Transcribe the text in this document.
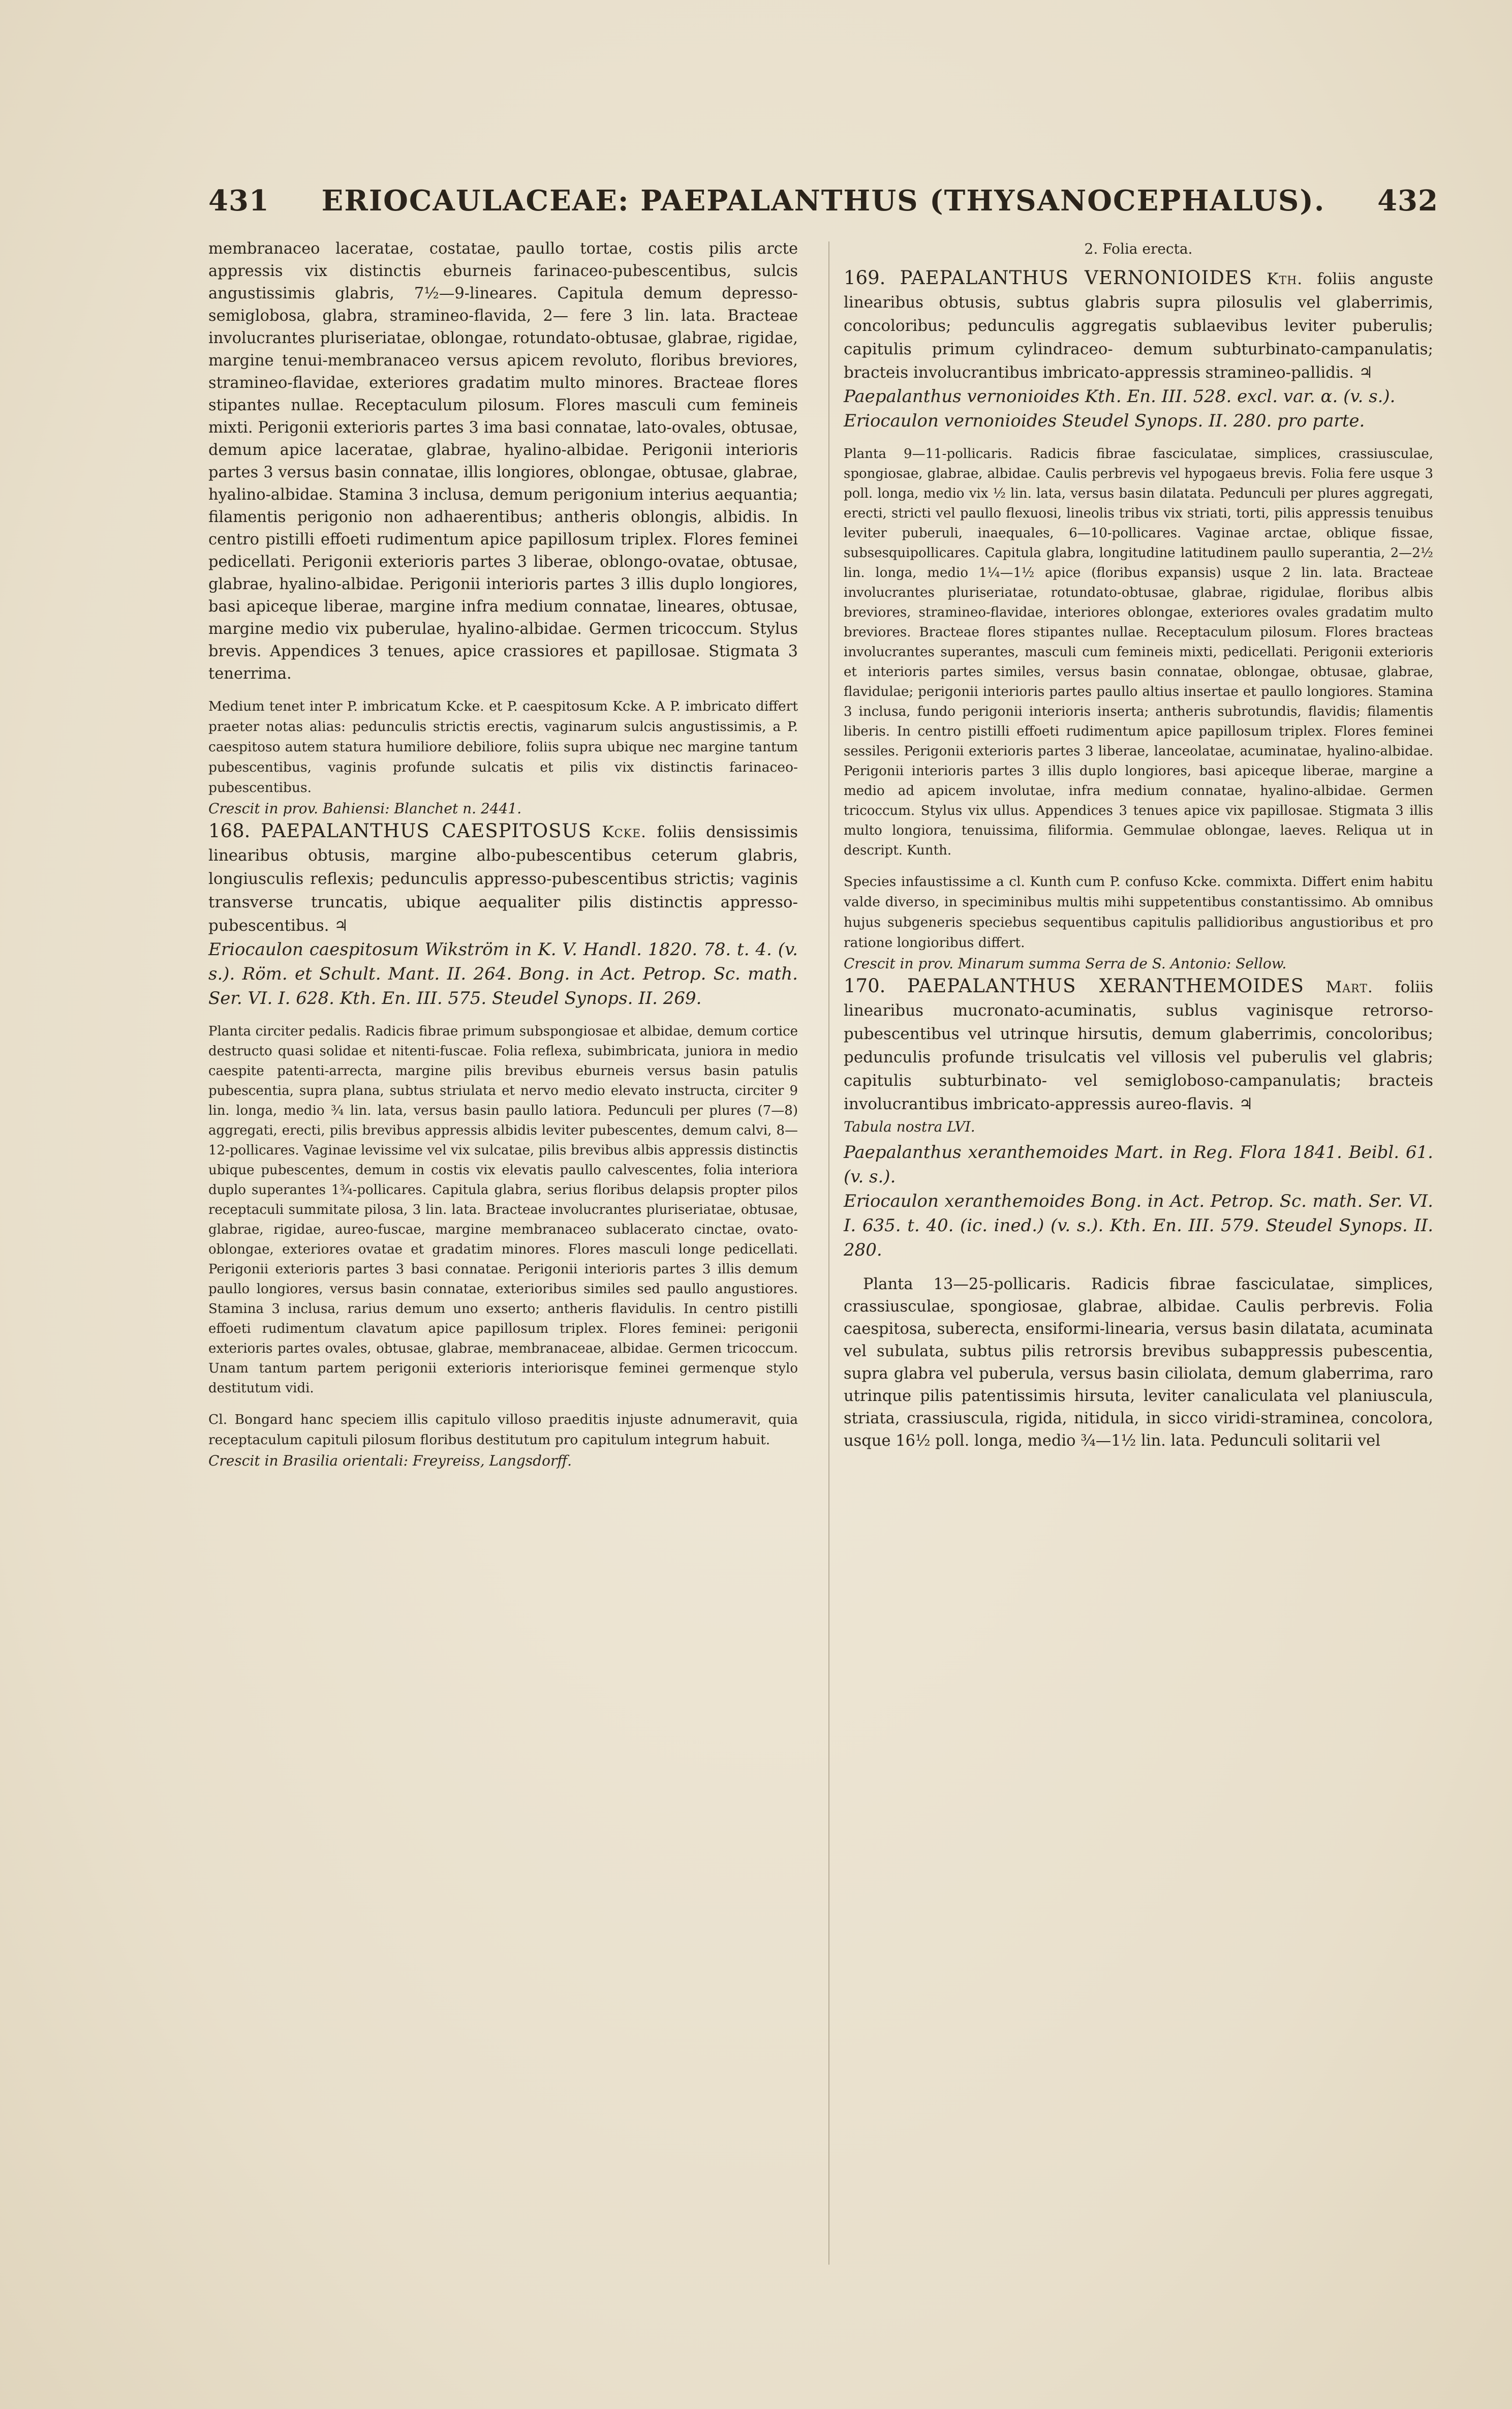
431 ERIOCAULACEAE: PAEPALANTHUS (THYSANOCEPHALUS). 432

membranaceo laceratae, costatae, paullo tortae, costis pilis arcte appressis vix distinctis eburneis farinaceo-pubescentibus, sulcis angustissimis glabris, 7½—9-lineares. Capitula demum depresso-semiglobosa, glabra, stramineo-flavida, 2— fere 3 lin. lata. Bracteae involucrantes pluriseriatae, oblongae, rotundato-obtusae, glabrae, rigidae, margine tenui-membranaceo versus apicem revoluto, floribus breviores, stramineo-flavidae, exteriores gradatim multo minores. Bracteae flores stipantes nullae. Receptaculum pilosum. Flores masculi cum femineis mixti. Perigonii exterioris partes 3 ima basi connatae, lato-ovales, obtusae, demum apice laceratae, glabrae, hyalino-albidae. Perigonii interioris partes 3 versus basin connatae, illis longiores, oblongae, obtusae, glabrae, hyalino-albidae. Stamina 3 inclusa, demum perigonium interius aequantia; filamentis perigonio non adhaerentibus; antheris oblongis, albidis. In centro pistilli effoeti rudimentum apice papillosum triplex. Flores feminei pedicellati. Perigonii exterioris partes 3 liberae, oblongo-ovatae, obtusae, glabrae, hyalino-albidae. Perigonii interioris partes 3 illis duplo longiores, basi apiceque liberae, margine infra medium connatae, lineares, obtusae, margine medio vix puberulae, hyalino-albidae. Germen tricoccum. Stylus brevis. Appendices 3 tenues, apice crassiores et papillosae. Stigmata 3 tenerrima.

Medium tenet inter P. imbricatum Kcke. et P. caespitosum Kcke. A P. imbricato differt praeter notas alias: pedunculis strictis erectis, vaginarum sulcis angustissimis, a P. caespitoso autem statura humiliore debiliore, foliis supra ubique nec margine tantum pubescentibus, vaginis profunde sulcatis et pilis vix distinctis farinaceo-pubescentibus.

Crescit in prov. Bahiensi: Blanchet n. 2441.

168. PAEPALANTHUS CAESPITOSUS Kcke. foliis densissimis linearibus obtusis, margine albo-pubescentibus ceterum glabris, longiusculis reflexis; pedunculis appresso-pubescentibus strictis; vaginis transverse truncatis, ubique aequaliter pilis distinctis appresso-pubescentibus. ♃

Eriocaulon caespitosum Wikström in K. V. Handl. 1820. 78. t. 4. (v. s.). Röm. et Schult. Mant. II. 264. Bong. in Act. Petrop. Sc. math. Ser. VI. I. 628. Kth. En. III. 575. Steudel Synops. II. 269.

Planta circiter pedalis. Radicis fibrae primum subspongiosae et albidae, demum cortice destructo quasi solidae et nitenti-fuscae. Folia reflexa, subimbricata, juniora in medio caespite patenti-arrecta, margine pilis brevibus eburneis versus basin patulis pubescentia, supra plana, subtus striulata et nervo medio elevato instructa, circiter 9 lin. longa, medio ¾ lin. lata, versus basin paullo latiora. Pedunculi per plures (7—8) aggregati, erecti, pilis brevibus appressis albidis leviter pubescentes, demum calvi, 8—12-pollicares. Vaginae levissime vel vix sulcatae, pilis brevibus albis appressis distinctis ubique pubescentes, demum in costis vix elevatis paullo calvescentes, folia interiora duplo superantes 1¾-pollicares. Capitula glabra, serius floribus delapsis propter pilos receptaculi summitate pilosa, 3 lin. lata. Bracteae involucrantes pluriseriatae, obtusae, glabrae, rigidae, aureo-fuscae, margine membranaceo sublacerato cinctae, ovato-oblongae, exteriores ovatae et gradatim minores. Flores masculi longe pedicellati. Perigonii exterioris partes 3 basi connatae. Perigonii interioris partes 3 illis demum paullo longiores, versus basin connatae, exterioribus similes sed paullo angustiores. Stamina 3 inclusa, rarius demum uno exserto; antheris flavidulis. In centro pistilli effoeti rudimentum clavatum apice papillosum triplex. Flores feminei: perigonii exterioris partes ovales, obtusae, glabrae, membranaceae, albidae. Germen tricoccum. Unam tantum partem perigonii exterioris interiorisque feminei germenque stylo destitutum vidi.

Cl. Bongard hanc speciem illis capitulo villoso praeditis injuste adnumeravit, quia receptaculum capituli pilosum floribus destitutum pro capitulum integrum habuit.

Crescit in Brasilia orientali: Freyreiss, Langsdorff.

2. Folia erecta.

169. PAEPALANTHUS VERNONIOIDES Kth. foliis anguste linearibus obtusis, subtus glabris supra pilosulis vel glaberrimis, concoloribus; pedunculis aggregatis sublaevibus leviter puberulis; capitulis primum cylindraceo- demum subturbinato-campanulatis; bracteis involucrantibus imbricato-appressis stramineo-pallidis. ♃

Paepalanthus vernonioides Kth. En. III. 528. excl. var. α. (v. s.).

Eriocaulon vernonioides Steudel Synops. II. 280. pro parte.

Planta 9—11-pollicaris. Radicis fibrae fasciculatae, simplices, crassiusculae, spongiosae, glabrae, albidae. Caulis perbrevis vel hypogaeus brevis. Folia fere usque 3 poll. longa, medio vix ½ lin. lata, versus basin dilatata. Pedunculi per plures aggregati, erecti, stricti vel paullo flexuosi, lineolis tribus vix striati, torti, pilis appressis tenuibus leviter puberuli, inaequales, 6—10-pollicares. Vaginae arctae, oblique fissae, subsesquipollicares. Capitula glabra, longitudine latitudinem paullo superantia, 2—2½ lin. longa, medio 1¼—1½ apice (floribus expansis) usque 2 lin. lata. Bracteae involucrantes pluriseriatae, rotundato-obtusae, glabrae, rigidulae, floribus albis breviores, stramineo-flavidae, interiores oblongae, exteriores ovales gradatim multo breviores. Bracteae flores stipantes nullae. Receptaculum pilosum. Flores bracteas involucrantes superantes, masculi cum femineis mixti, pedicellati. Perigonii exterioris et interioris partes similes, versus basin connatae, oblongae, obtusae, glabrae, flavidulae; perigonii interioris partes paullo altius insertae et paullo longiores. Stamina 3 inclusa, fundo perigonii interioris inserta; antheris subrotundis, flavidis; filamentis liberis. In centro pistilli effoeti rudimentum apice papillosum triplex. Flores feminei sessiles. Perigonii exterioris partes 3 liberae, lanceolatae, acuminatae, hyalino-albidae. Perigonii interioris partes 3 illis duplo longiores, basi apiceque liberae, margine a medio ad apicem involutae, infra medium connatae, hyalino-albidae. Germen tricoccum. Stylus vix ullus. Appendices 3 tenues apice vix papillosae. Stigmata 3 illis multo longiora, tenuissima, filiformia. Gemmulae oblongae, laeves. Reliqua ut in descript. Kunth.

Species infaustissime a cl. Kunth cum P. confuso Kcke. commixta. Differt enim habitu valde diverso, in speciminibus multis mihi suppetentibus constantissimo. Ab omnibus hujus subgeneris speciebus sequentibus capitulis pallidioribus angustioribus et pro ratione longioribus differt.

Crescit in prov. Minarum summa Serra de S. Antonio: Sellow.

170. PAEPALANTHUS XERANTHEMOIDES Mart. foliis linearibus mucronato-acuminatis, sublus vaginisque retrorso-pubescentibus vel utrinque hirsutis, demum glaberrimis, concoloribus; pedunculis profunde trisulcatis vel villosis vel puberulis vel glabris; capitulis subturbinato- vel semigloboso-campanulatis; bracteis involucrantibus imbricato-appressis aureo-flavis. ♃

Tabula nostra LVI.

Paepalanthus xeranthemoides Mart. in Reg. Flora 1841. Beibl. 61. (v. s.).

Eriocaulon xeranthemoides Bong. in Act. Petrop. Sc. math. Ser. VI. I. 635. t. 40. (ic. ined.) (v. s.). Kth. En. III. 579. Steudel Synops. II. 280.

Planta 13—25-pollicaris. Radicis fibrae fasciculatae, simplices, crassiusculae, spongiosae, glabrae, albidae. Caulis perbrevis. Folia caespitosa, suberecta, ensiformi-linearia, versus basin dilatata, acuminata vel subulata, subtus pilis retrorsis brevibus subappressis pubescentia, supra glabra vel puberula, versus basin ciliolata, demum glaberrima, raro utrinque pilis patentissimis hirsuta, leviter canaliculata vel planiuscula, striata, crassiuscula, rigida, nitidula, in sicco viridi-straminea, concolora, usque 16½ poll. longa, medio ¾—1½ lin. lata. Pedunculi solitarii vel
